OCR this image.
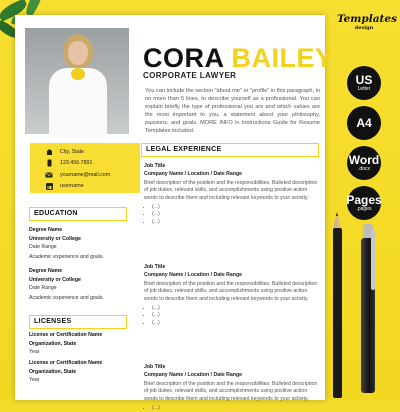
CORA BAILEY
CORPORATE LAWYER
You can include the section "about me" or "profile" in this paragraph, in no more than 5 lines, to describe yourself as a professional. You can explain briefly the type of professional you are and which values are the most important to you, a statement about your philosophy, passions, and goals. MORE INFO in Instructions Guide for Resume Templates included.
City, State
123.456.7891
yourname@mail.com
username
EDUCATION
Degree Name
University or College
Date Range
Academic experience and goals.
Degree Name
University or College
Date Range
Academic experience and goals.
LICENSES
License or Certification Name
Organization, State
Year
License or Certification Name
Organization, State
Year
LEGAL EXPERIENCE
Job Title
Company Name / Location / Date Range
Brief description of the position and the responsibilities. Bulleted description of job duties, relevant skills, and accomplishments using positive action words to describe them and including relevant keywords to your activity.
• (...)
• (...)
• (...)
Job Title
Company Name / Location / Date Range
Brief description of the position and the responsibilities. Bulleted description of job duties, relevant skills, and accomplishments using positive action words to describe them and including relevant keywords to your activity.
• (...)
• (...)
• (...)
Job Title
Company Name / Location / Date Range
Brief description of the position and the responsibilities. Bulleted description of job duties, relevant skills, and accomplishments using positive action words to describe them and including relevant keywords to your activity.
• (...)
Templates
design
US
Letter
A4
Word
.docx
Pages
.pages
